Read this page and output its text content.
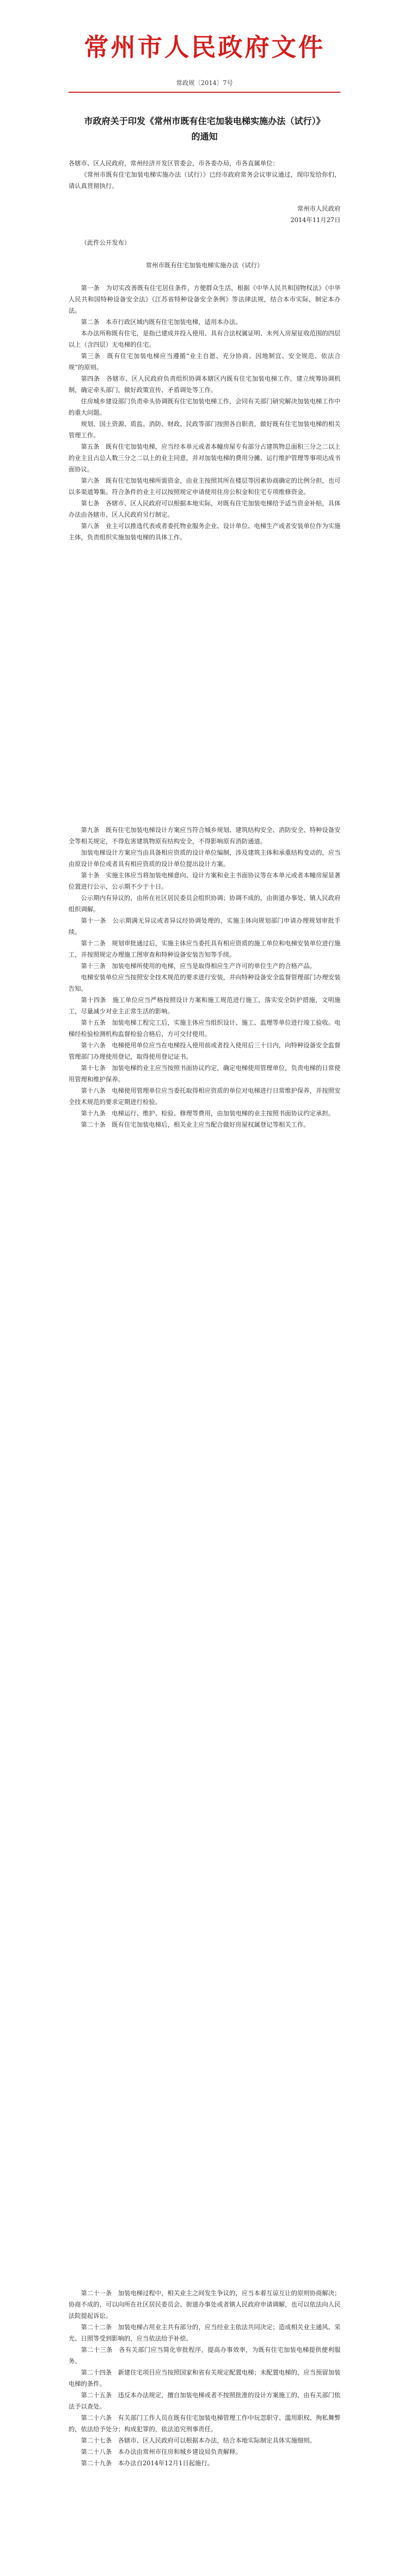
常州市人民政府文件
常政规〔2014〕7号
市政府关于印发《常州市既有住宅加装电梯实施办法（试行）》
的通知

各辖市、区人民政府，常州经济开发区管委会，市各委办局，市各直属单位：

《常州市既有住宅加装电梯实施办法（试行）》已经市政府常务会议审议通过，现印发给你们，请认真贯彻执行。

常州市人民政府

2014年11月27日

（此件公开发布）

常州市既有住宅加装电梯实施办法（试行）

第一条　为切实改善既有住宅居住条件，方便群众生活，根据《中华人民共和国物权法》《中华人民共和国特种设备安全法》《江苏省特种设备安全条例》等法律法规，结合本市实际，制定本办法。

第二条　本市行政区域内既有住宅加装电梯，适用本办法。

本办法所称既有住宅，是指已建成并投入使用、具有合法权属证明、未列入房屋征收范围的四层以上（含四层）无电梯的住宅。

第三条　既有住宅加装电梯应当遵循“业主自愿、充分协商、因地制宜、安全规范、依法合规”的原则。

第四条　各辖市、区人民政府负责组织协调本辖区内既有住宅加装电梯工作，建立统筹协调机制，确定牵头部门，做好政策宣传、矛盾调处等工作。

住房城乡建设部门负责牵头协调既有住宅加装电梯工作，会同有关部门研究解决加装电梯工作中的重大问题。

规划、国土资源、质监、消防、财政、民政等部门按照各自职责，做好既有住宅加装电梯的相关管理工作。

第五条　既有住宅加装电梯，应当经本单元或者本幢房屋专有部分占建筑物总面积三分之二以上的业主且占总人数三分之二以上的业主同意，并对加装电梯的费用分摊、运行维护管理等事项达成书面协议。

第六条　既有住宅加装电梯所需资金，由业主按照其所在楼层等因素协商确定的比例分担，也可以多渠道筹集。符合条件的业主可以按照规定申请使用住房公积金和住宅专项维修资金。

第七条　各辖市、区人民政府可以根据本地实际，对既有住宅加装电梯给予适当资金补贴，具体办法由各辖市、区人民政府另行制定。

第八条　业主可以推选代表或者委托物业服务企业、设计单位、电梯生产或者安装单位作为实施主体，负责组织实施加装电梯的具体工作。

第九条　既有住宅加装电梯设计方案应当符合城乡规划、建筑结构安全、消防安全、特种设备安全等相关规定，不得危害建筑物原有结构安全，不得影响原有消防通道。

加装电梯设计方案应当由具备相应资质的设计单位编制，涉及建筑主体和承重结构变动的，应当由原设计单位或者具有相应资质的设计单位提出设计方案。

第十条　实施主体应当将加装电梯意向、设计方案和业主书面协议等在本单元或者本幢房屋显著位置进行公示，公示期不少于十日。

公示期内有异议的，由所在社区居民委员会组织协调；协调不成的，由街道办事处、镇人民政府组织调解。

第十一条　公示期满无异议或者异议经协调处理的，实施主体向规划部门申请办理规划审批手续。

第十二条　规划审批通过后，实施主体应当委托具有相应资质的施工单位和电梯安装单位进行施工，并按照规定办理施工图审查和特种设备安装告知等手续。

第十三条　加装电梯所使用的电梯，应当是取得相应生产许可的单位生产的合格产品。

电梯安装单位应当按照安全技术规范的要求进行安装，并向特种设备安全监督管理部门办理安装告知。

第十四条　施工单位应当严格按照设计方案和施工规范进行施工，落实安全防护措施，文明施工，尽量减少对业主正常生活的影响。

第十五条　加装电梯工程完工后，实施主体应当组织设计、施工、监理等单位进行竣工验收。电梯经检验检测机构监督检验合格后，方可交付使用。

第十六条　电梯使用单位应当在电梯投入使用前或者投入使用后三十日内，向特种设备安全监督管理部门办理使用登记，取得使用登记证书。

第十七条　加装电梯的业主应当按照书面协议约定，确定电梯使用管理单位，负责电梯的日常使用管理和维护保养。

第十八条　电梯使用管理单位应当委托取得相应资质的单位对电梯进行日常维护保养，并按照安全技术规范的要求定期进行检验。

第十九条　电梯运行、维护、检验、修理等费用，由加装电梯的业主按照书面协议约定承担。

第二十条　既有住宅加装电梯后，相关业主应当配合做好房屋权属登记等相关工作。

第二十一条　加装电梯过程中，相关业主之间发生争议的，应当本着互谅互让的原则协商解决；协商不成的，可以向所在社区居民委员会、街道办事处或者镇人民政府申请调解，也可以依法向人民法院提起诉讼。

第二十二条　加装电梯占用业主共有部分的，应当经业主依法共同决定；造成相关业主通风、采光、日照等受到影响的，应当依法给予补偿。

第二十三条　各有关部门应当简化审批程序，提高办事效率，为既有住宅加装电梯提供便利服务。

第二十四条　新建住宅项目应当按照国家和省有关规定配置电梯；未配置电梯的，应当预留加装电梯的条件。

第二十五条　违反本办法规定，擅自加装电梯或者不按照批准的设计方案施工的，由有关部门依法予以查处。

第二十六条　有关部门工作人员在既有住宅加装电梯管理工作中玩忽职守、滥用职权、徇私舞弊的，依法给予处分；构成犯罪的，依法追究刑事责任。

第二十七条　各辖市、区人民政府可以根据本办法，结合本地实际制定具体实施细则。

第二十八条　本办法由常州市住房和城乡建设局负责解释。

第二十九条　本办法自2014年12月1日起施行。
